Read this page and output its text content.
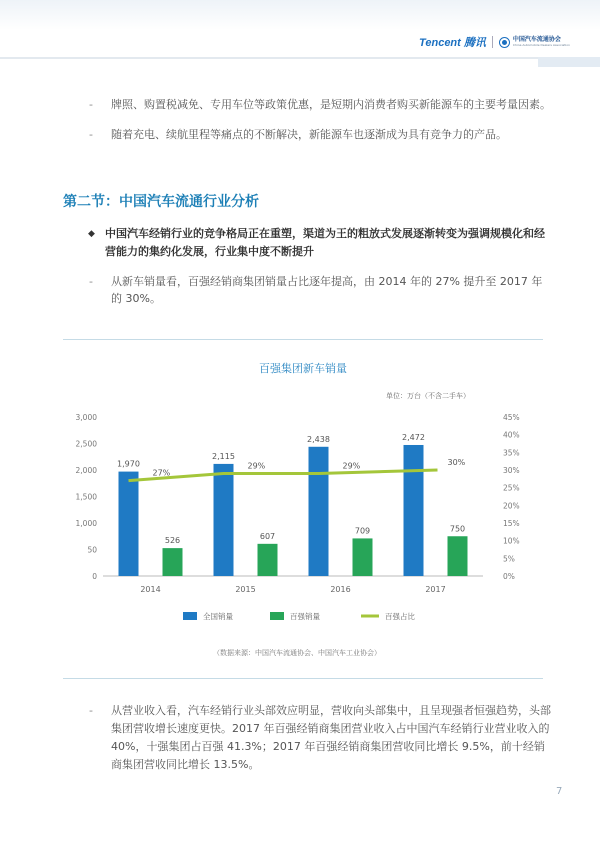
Tencent 腾讯	中国汽车流通协会
China Automobile Dealers Association
- 牌照、购置税减免、专用车位等政策优惠，是短期内消费者购买新能源车的主要考量因素。
- 随着充电、续航里程等痛点的不断解决，新能源车也逐渐成为具有竞争力的产品。
第二节：中国汽车流通行业分析
◆ 中国汽车经销行业的竞争格局正在重塑，渠道为王的粗放式发展逐渐转变为强调规模化和经营能力的集约化发展，行业集中度不断提升
- 从新车销量看，百强经销商集团销量占比逐年提高，由 2014 年的 27% 提升至 2017 年的 30%。
百强集团新车销量
单位：万台（不含二手车）
3,000
2,500
2,000
1,500
1,000
50
0
45%
40%
35%
30%
25%
20%
15%
10%
5%
0%
1,970
526
2014
2,115
607
2015
2,438
709
2016
2,472
750
2017
27%
29%	29%	30%
全国销量	百强销量	百强占比
（数据来源：中国汽车流通协会、中国汽车工业协会）
- 从营业收入看，汽车经销行业头部效应明显，营收向头部集中，且呈现强者恒强趋势，头部集团营收增长速度更快。2017 年百强经销商集团营业收入占中国汽车经销行业营业收入的 40%，十强集团占百强 41.3%；2017 年百强经销商集团营收同比增长 9.5%，前十经销商集团营收同比增长 13.5%。
7
